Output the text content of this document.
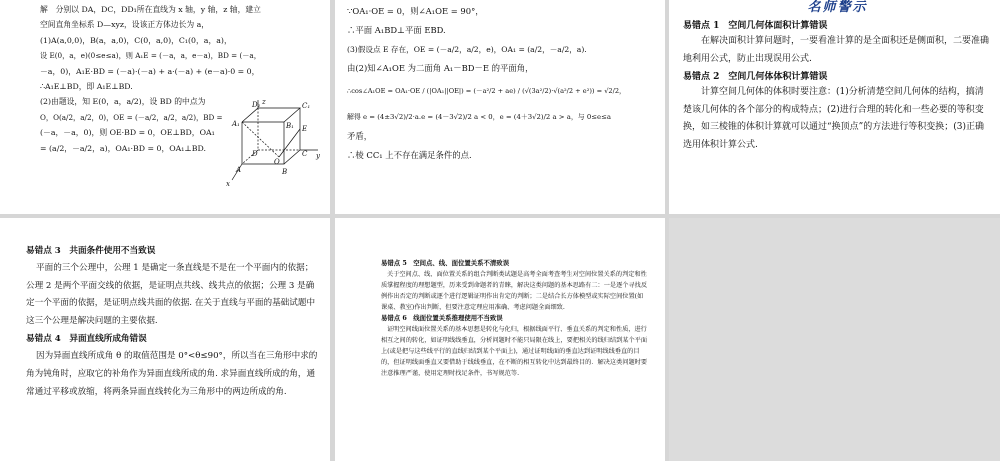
解　分别以 DA，DC，DD₁所在直线为 x 轴，y 轴，z 轴，建立
空间直角坐标系 D—xyz，设该正方体边长为 a，
(1)A(a,0,0)，B(a，a,0)，C(0，a,0)，C₁(0，a，a)，
设 E(0，a，e)(0≤e≤a)，则 A₁E = (－a，a，e－a)，BD = (－a，
－a，0)，A₁E·BD = (－a)·(－a) + a·(－a) + (e－a)·0 = 0，
∴A₁E⊥BD，即 A₁E⊥BD.
(2)由题设，知 E(0，a，a/2)，设 BD 的中点为
O，O(a/2，a/2，0)，OE = (－a/2，a/2，a/2)，BD =
(－a，－a，0)，则 OE·BD = 0，OE⊥BD，OA₁
= (a/2，－a/2，a)，OA₁·BD = 0，OA₁⊥BD.
z	C₁
D₁
A₁	B₁ E
D	C
O
y
A	B
x
∵OA₁·OE = 0，则∠A₁OE = 90°，
∴平面 A₁BD⊥平面 EBD.
(3)假设点 E 存在，OE = (－a/2，a/2，e)，OA₁ = (a/2，－a/2，a).
由(2)知∠A₁OE 为二面角 A₁－BD－E 的平面角，
∴cos∠A₁OE = OA₁·OE / (|OA₁||OE|) = (－a²/2 + ae) / (√(3a²/2)·√(a²/2 + e²)) = √2/2，
解得 e = (4±3√2)/2·a.e = (4－3√2)/2 a < 0，e = (4＋3√2)/2 a > a，与 0≤e≤a
矛盾，
∴棱 CC₁ 上不存在满足条件的点.
名师警示
易错点 1　空间几何体面积计算错误
在解决面积计算问题时，一要看准计算的是全面积还是侧面积，二要准确地利用公式，防止出现误用公式.
易错点 2　空间几何体体积计算错误
计算空间几何体的体积时要注意：(1)分析清楚空间几何体的结构，搞清楚该几何体的各个部分的构成特点；(2)进行合理的转化和一些必要的等积变换，如三棱锥的体积计算就可以通过“换顶点”的方法进行等积变换；(3)正确选用体积计算公式.
易错点 3　共面条件使用不当致误
平面的三个公理中，公理 1 是确定一条直线是不是在一个平面内的依据；公理 2 是两个平面交线的依据，是证明点共线、线共点的依据；公理 3 是确定一个平面的依据，是证明点线共面的依据. 在关于直线与平面的基础试题中这三个公理是解决问题的主要依据.
易错点 4　异面直线所成角错误
因为异面直线所成角 θ 的取值范围是 0°<θ≤90°，所以当在三角形中求的角为钝角时，应取它的补角作为异面直线所成的角. 求异面直线所成的角，通常通过平移或放缩，将两条异面直线转化为三角形中的两边所成的角.
易错点 5　空间点、线、面位置关系不清致误
关于空间点、线、面位置关系的组合判断类试题是高考全面考查考生对空间位置关系的判定和性质掌握程度的理想题型，历来受到命题者的青睐，解决这类问题的基本思路有二：一是逐个寻找反例作出否定的判断或逐个进行逻辑证明作出肯定的判断；二是结合长方体模型或实际空间位置(如课桌、教室)作出判断，但要注意定理应用准确、考虑问题全面细致.
易错点 6　线面位置关系推理使用不当致误
证明空间线面位置关系的基本思想是转化与化归，根据线面平行、垂直关系的判定和性质，进行相互之间的转化，如证明线线垂直，分析问题时不能只局限在线上，要把相关的线归结到某个平面上(或是把与这些线平行的直线归结到某个平面上)，通过证明线面的垂直达到证明线线垂直的目的，但证明线面垂直又要借助于线线垂直，在不断的相互转化中达到最终目的．解决这类问题时要注意推理严谨，使用定理时找足条件，书写规范等.
